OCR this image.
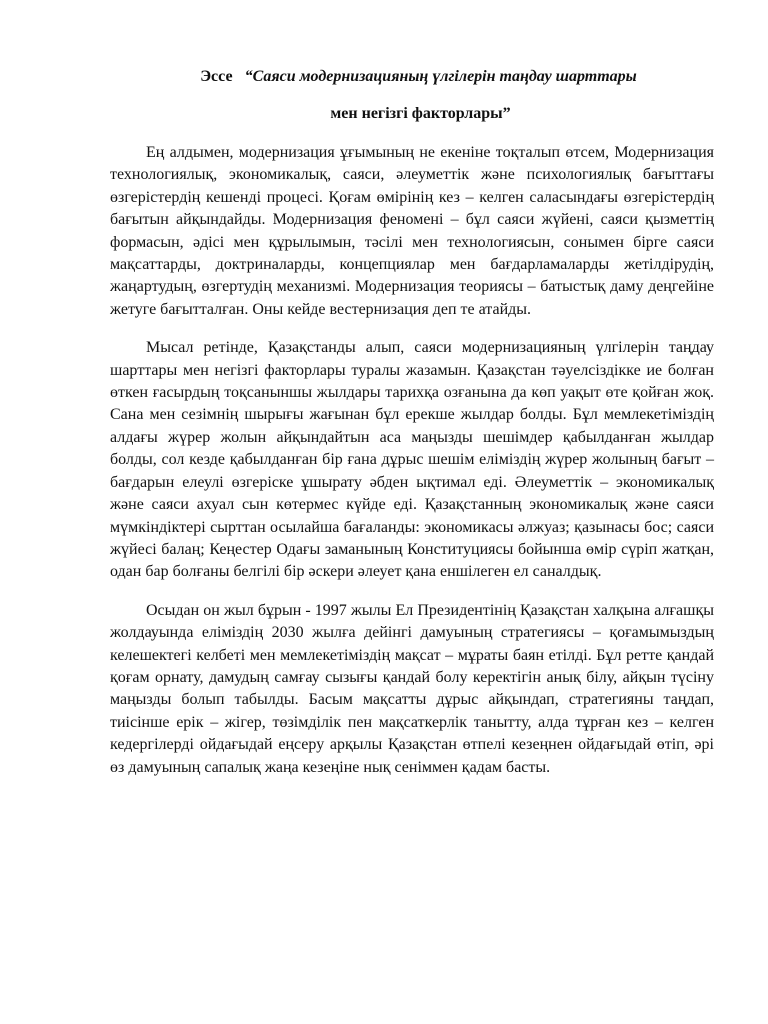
Эссе “Саяси модернизацияның үлгілерін таңдау шарттары

мен негізгі факторлары”

Ең алдымен, модернизация ұғымының не екеніне тоқталып өтсем, Модернизация технологиялық, экономикалық, саяси, әлеуметтік және психологиялық бағыттағы өзгерістердің кешенді процесі. Қоғам өмірінің кез – келген саласындағы өзгерістердің бағытын айқындайды. Модернизация феномені – бұл саяси жүйені, саяси қызметтің формасын, әдісі мен құрылымын, тәсілі мен технологиясын, сонымен бірге саяси мақсаттарды, доктриналарды, концепциялар мен бағдарламаларды жетілдірудің, жаңартудың, өзгертудің механизмі. Модернизация теориясы – батыстық даму деңгейіне жетуге бағытталған. Оны кейде вестернизация деп те атайды.

Мысал ретінде, Қазақстанды алып, саяси модернизацияның үлгілерін таңдау шарттары мен негізгі факторлары туралы жазамын. Қазақстан тәуелсіздікке ие болған өткен ғасырдың тоқсаныншы жылдары тарихқа озғанына да көп уақыт өте қойған жоқ. Сана мен сезімнің шырығы жағынан бұл ерекше жылдар болды. Бұл мемлекетіміздің алдағы жүрер жолын айқындайтын аса маңызды шешімдер қабылданған жылдар болды, сол кезде қабылданған бір ғана дұрыс шешім еліміздің жүрер жолының бағыт – бағдарын елеулі өзгеріске ұшырату әбден ықтимал еді. Әлеуметтік – экономикалық және саяси ахуал сын көтермес күйде еді. Қазақстанның экономикалық және саяси мүмкіндіктері сырттан осылайша бағаланды: экономикасы әлжуаз; қазынасы бос; саяси жүйесі балаң; Кеңестер Одағы заманының Конституциясы бойынша өмір сүріп жатқан, одан бар болғаны белгілі бір әскери әлеует қана еншілеген ел саналдық.

Осыдан он жыл бұрын - 1997 жылы Ел Президентінің Қазақстан халқына алғашқы жолдауында еліміздің 2030 жылға дейінгі дамуының стратегиясы – қоғамымыздың келешектегі келбеті мен мемлекетіміздің мақсат – мұраты баян етілді. Бұл ретте қандай қоғам орнату, дамудың самғау сызығы қандай болу керектігін анық білу, айқын түсіну маңызды болып табылды. Басым мақсатты дұрыс айқындап, стратегияны таңдап, тиісінше ерік – жігер, төзімділік пен мақсаткерлік танытту, алда тұрған кез – келген кедергілерді ойдағыдай еңсеру арқылы Қазақстан өтпелі кезеңнен ойдағыдай өтіп, әрі өз дамуының сапалық жаңа кезеңіне нық сеніммен қадам басты.
